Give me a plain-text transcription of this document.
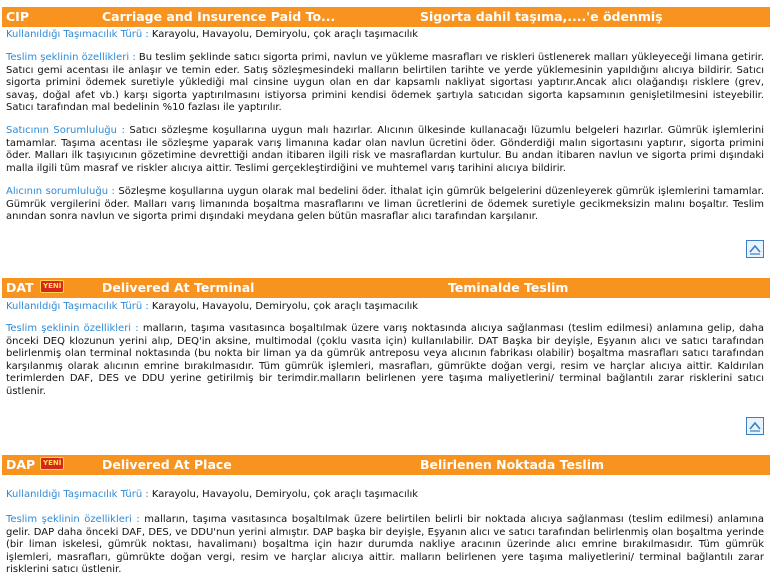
CIP	Carriage and Insurence Paid To...	Sigorta dahil taşıma,....'e ödenmiş
Kullanıldığı Taşımacılık Türü : Karayolu, Havayolu, Demiryolu, çok araçlı taşımacılık
Teslim şeklinin özellikleri : Bu teslim şeklinde satıcı sigorta primi, navlun ve yükleme masrafları ve riskleri üstlenerek malları yükleyeceği limana getirir. Satıcı gemi acentası ile anlaşır ve temin eder. Satış sözleşmesindeki malların belirtilen tarihte ve yerde yüklemesinin yapıldığını alıcıya bildirir. Satıcı sigorta primini ödemek suretiyle yüklediği mal cinsine uygun olan en dar kapsamlı nakliyat sigortası yaptırır.Ancak alıcı olağandışı risklere (grev, savaş, doğal afet vb.) karşı sigorta yaptırılmasını istiyorsa primini kendisi ödemek şartıyla satıcıdan sigorta kapsamının genişletilmesini isteyebilir. Satıcı tarafından mal bedelinin %10 fazlası ile yaptırılır.
Satıcının Sorumluluğu : Satıcı sözleşme koşullarına uygun malı hazırlar. Alıcının ülkesinde kullanacağı lüzumlu belgeleri hazırlar. Gümrük işlemlerini tamamlar. Taşıma acentası ile sözleşme yaparak varış limanına kadar olan navlun ücretini öder. Gönderdiği malın sigortasını yaptırır, sigorta primini öder. Malları ilk taşıyıcının gözetimine devrettiği andan itibaren ilgili risk ve masraflardan kurtulur. Bu andan itibaren navlun ve sigorta primi dışındaki malla ilgili tüm masraf ve riskler alıcıya aittir. Teslimi gerçekleştirdiğini ve muhtemel varış tarihini alıcıya bildirir.
Alıcının sorumluluğu : Sözleşme koşullarına uygun olarak mal bedelini öder. İthalat için gümrük belgelerini düzenleyerek gümrük işlemlerini tamamlar. Gümrük vergilerini öder. Malları varış limanında boşaltma masraflarını ve liman ücretlerini de ödemek suretiyle gecikmeksizin malını boşaltır. Teslim anından sonra navlun ve sigorta primi dışındaki meydana gelen bütün masraflar alıcı tarafından karşılanır.
DAT	YENİ	Delivered At Terminal	Teminalde Teslim
Kullanıldığı Taşımacılık Türü : Karayolu, Havayolu, Demiryolu, çok araçlı taşımacılık
Teslim şeklinin özellikleri : malların, taşıma vasıtasınca boşaltılmak üzere varış noktasında alıcıya sağlanması (teslim edilmesi) anlamına gelip, daha önceki DEQ klozunun yerini alıp, DEQ'in aksine, multimodal (çoklu vasıta için) kullanılabilir. DAT Başka bir deyişle, Eşyanın alıcı ve satıcı tarafından belirlenmiş olan terminal noktasında (bu nokta bir liman ya da gümrük antreposu veya alıcının fabrikası olabilir) boşaltma masrafları satıcı tarafından karşılanmış olarak alıcının emrine bırakılmasıdır. Tüm gümrük işlemleri, masrafları, gümrükte doğan vergi, resim ve harçlar alıcıya aittir. Kaldırılan terimlerden DAF, DES ve DDU yerine getirilmiş bir terimdir.malların belirlenen yere taşıma maliyetlerini/ terminal bağlantılı zarar risklerini satıcı üstlenir.
DAP	YENİ	Delivered At Place	Belirlenen Noktada Teslim
Kullanıldığı Taşımacılık Türü : Karayolu, Havayolu, Demiryolu, çok araçlı taşımacılık
Teslim şeklinin özellikleri : malların, taşıma vasıtasınca boşaltılmak üzere belirtilen belirli bir noktada alıcıya sağlanması (teslim edilmesi) anlamına gelir. DAP daha önceki DAF, DES, ve DDU'nun yerini almıştır. DAP başka bir deyişle, Eşyanın alıcı ve satıcı tarafından belirlenmiş olan boşaltma yerinde (bir liman iskelesi, gümrük noktası, havalimanı) boşaltma için hazır durumda nakliye aracının üzerinde alıcı emrine bırakılmasıdır. Tüm gümrük işlemleri, masrafları, gümrükte doğan vergi, resim ve harçlar alıcıya aittir. malların belirlenen yere taşıma maliyetlerini/ terminal bağlantılı zarar risklerini satıcı üstlenir.
